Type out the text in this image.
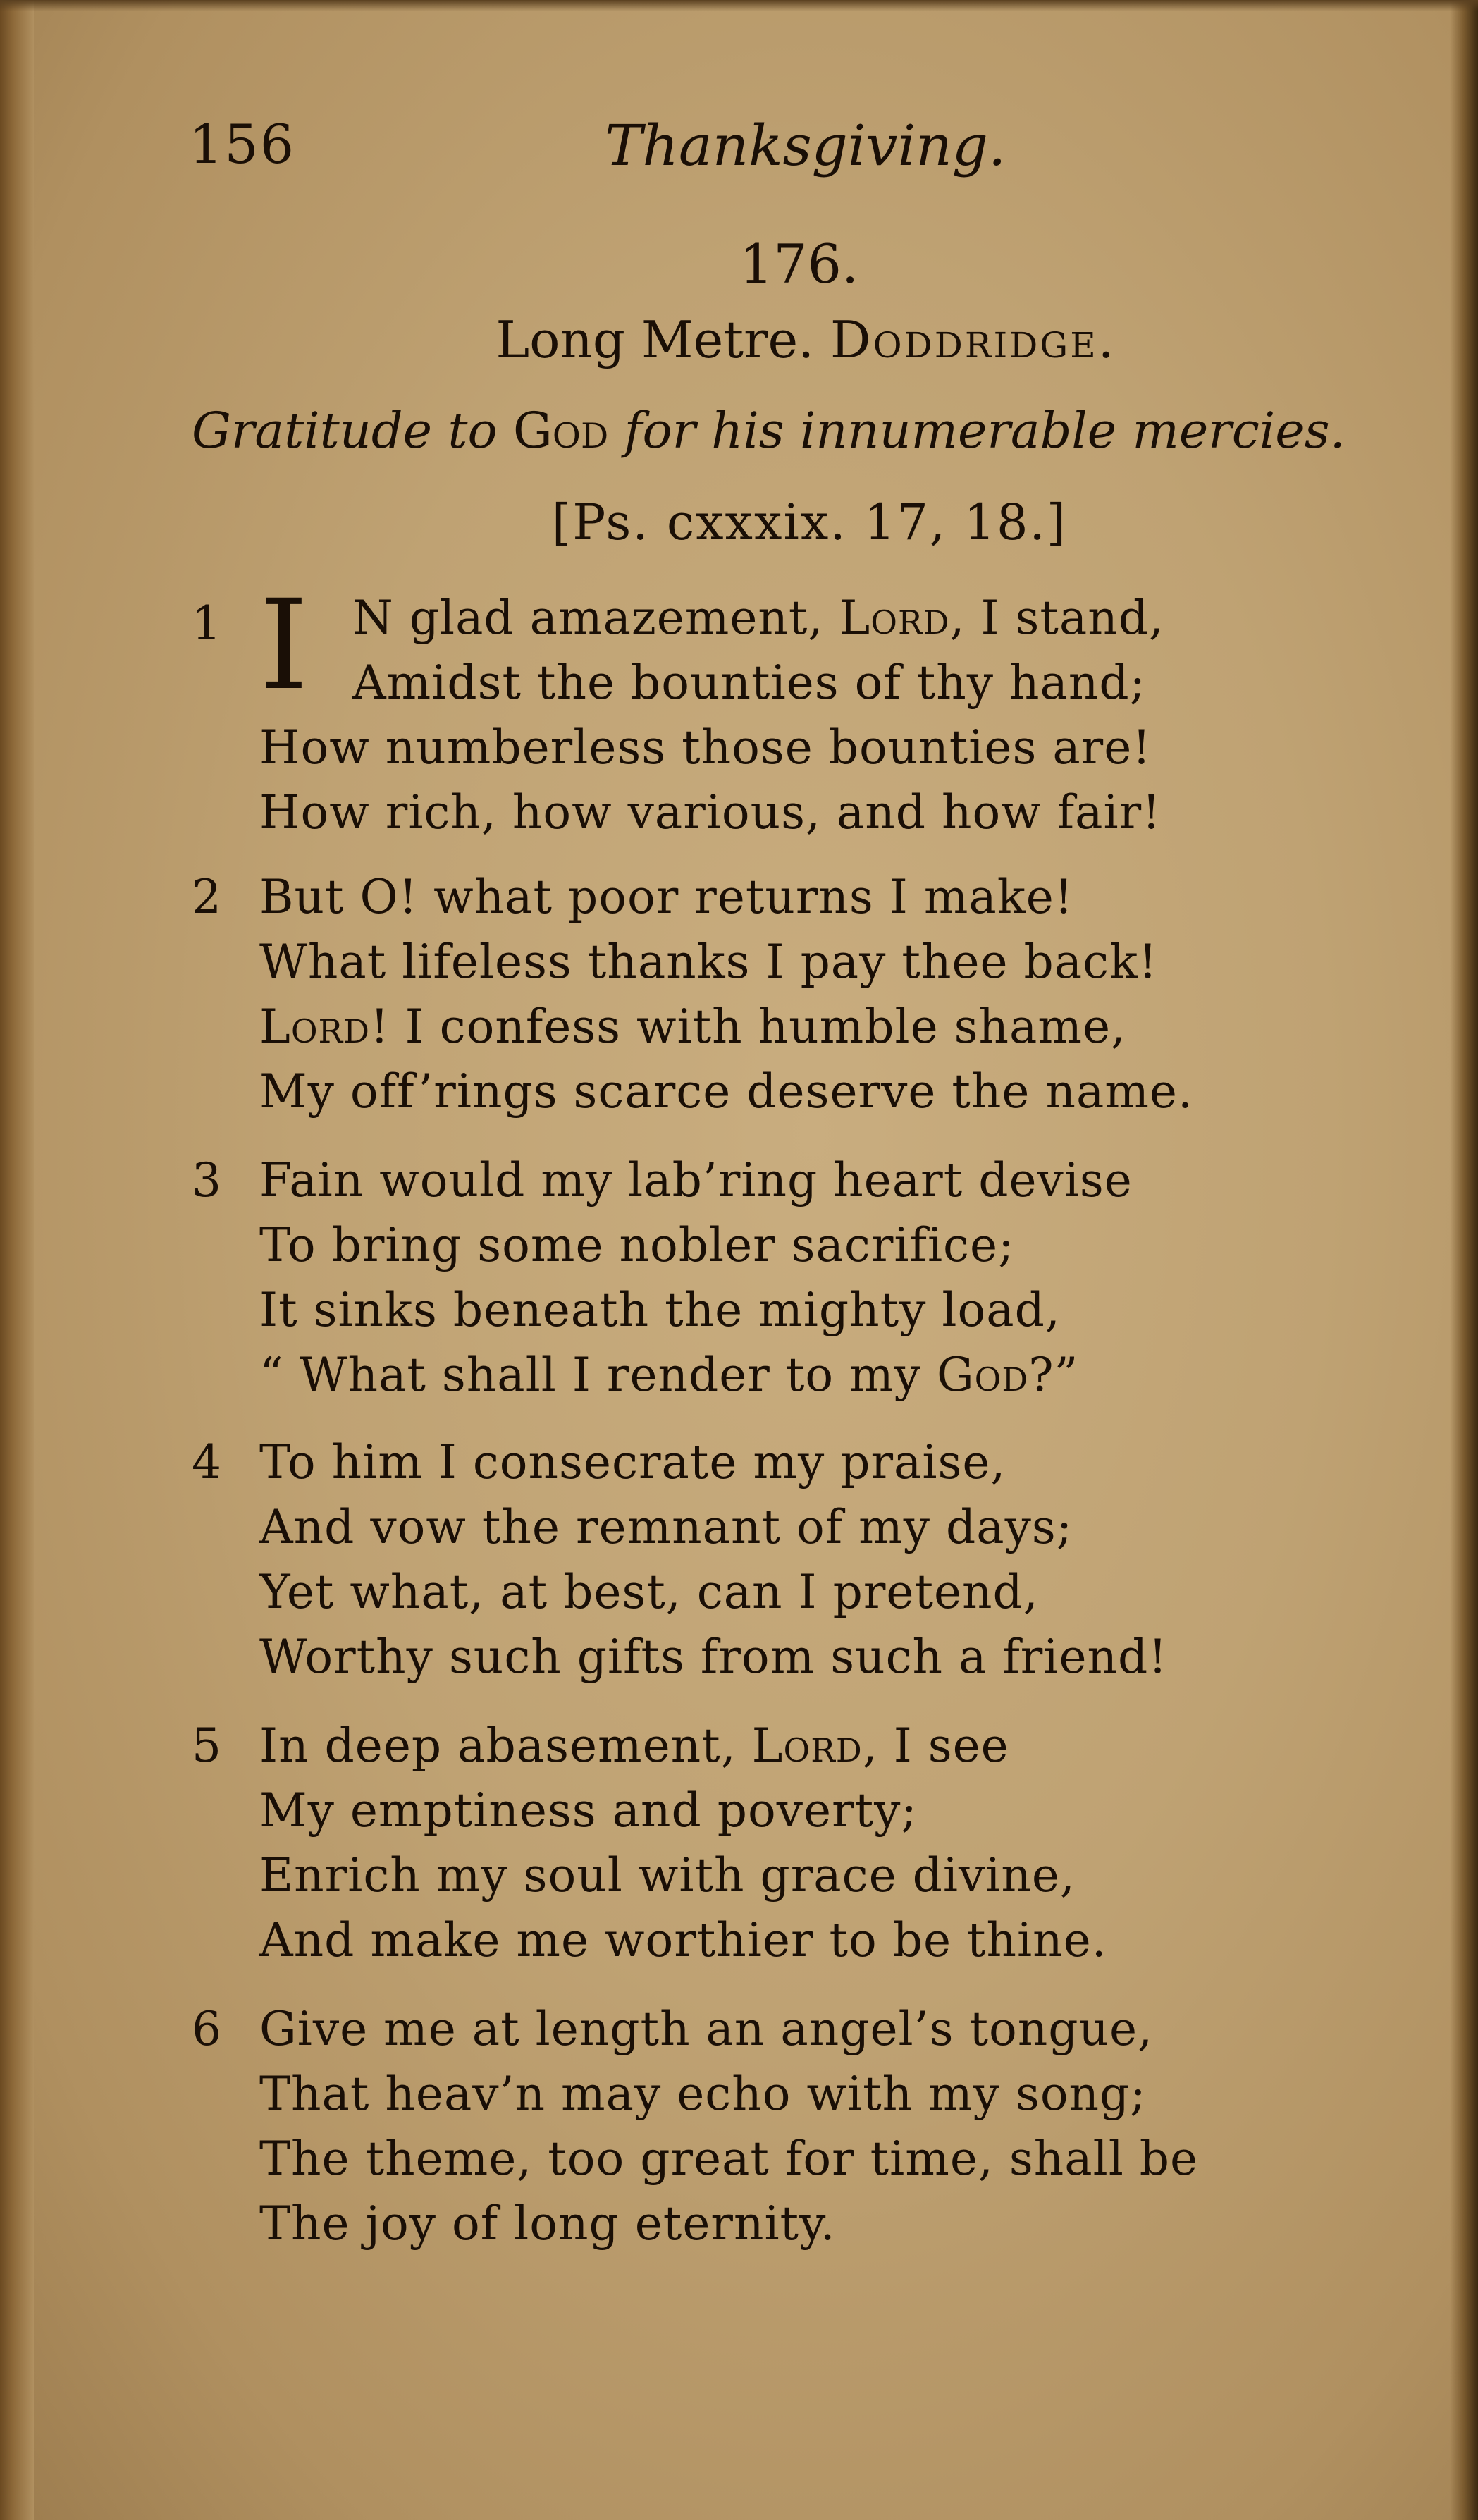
156	Thanksgiving.
176.
Long Metre. Doddridge.
Gratitude to God for his innumerable mercies.
[Ps. cxxxix. 17, 18.]
1 I N glad amazement, Lord, I stand,
Amidst the bounties of thy hand;
How numberless those bounties are!
How rich, how various, and how fair!
2 But O! what poor returns I make!
What lifeless thanks I pay thee back!
Lord! I confess with humble shame,
My off’rings scarce deserve the name.
3 Fain would my lab’ring heart devise
To bring some nobler sacrifice;
It sinks beneath the mighty load,
“ What shall I render to my God?”
4 To him I consecrate my praise,
And vow the remnant of my days;
Yet what, at best, can I pretend,
Worthy such gifts from such a friend!
5 In deep abasement, Lord, I see
My emptiness and poverty;
Enrich my soul with grace divine,
And make me worthier to be thine.
6 Give me at length an angel’s tongue,
That heav’n may echo with my song;
The theme, too great for time, shall be
The joy of long eternity.
